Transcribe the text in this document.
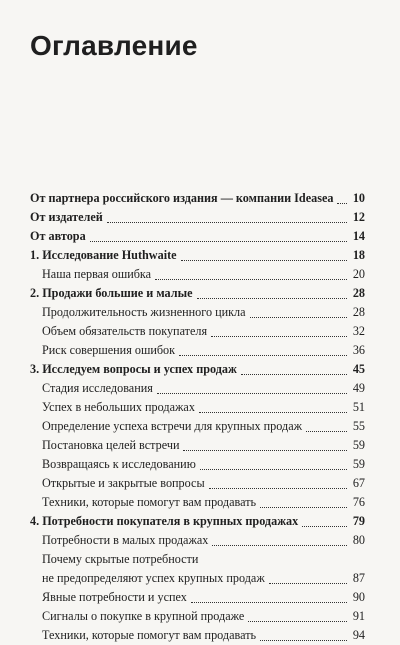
Оглавление
От партнера российского издания — компании Ideasea 10
От издателей	12
От автора	14
1. Исследование Huthwaite	18
Наша первая ошибка	20
2. Продажи большие и малые	28
Продолжительность жизненного цикла	28
Объем обязательств покупателя	32
Риск совершения ошибок	36
3. Исследуем вопросы и успех продаж	45
Стадия исследования	49
Успех в небольших продажах	51
Определение успеха встречи для крупных продаж	55
Постановка целей встречи	59
Возвращаясь к исследованию	59
Открытые и закрытые вопросы	67
Техники, которые помогут вам продавать	76
4. Потребности покупателя в крупных продажах	79
Потребности в малых продажах	80
Почему скрытые потребности
не предопределяют успех крупных продаж	87
Явные потребности и успех	90
Сигналы о покупке в крупной продаже	91
Техники, которые помогут вам продавать	94
